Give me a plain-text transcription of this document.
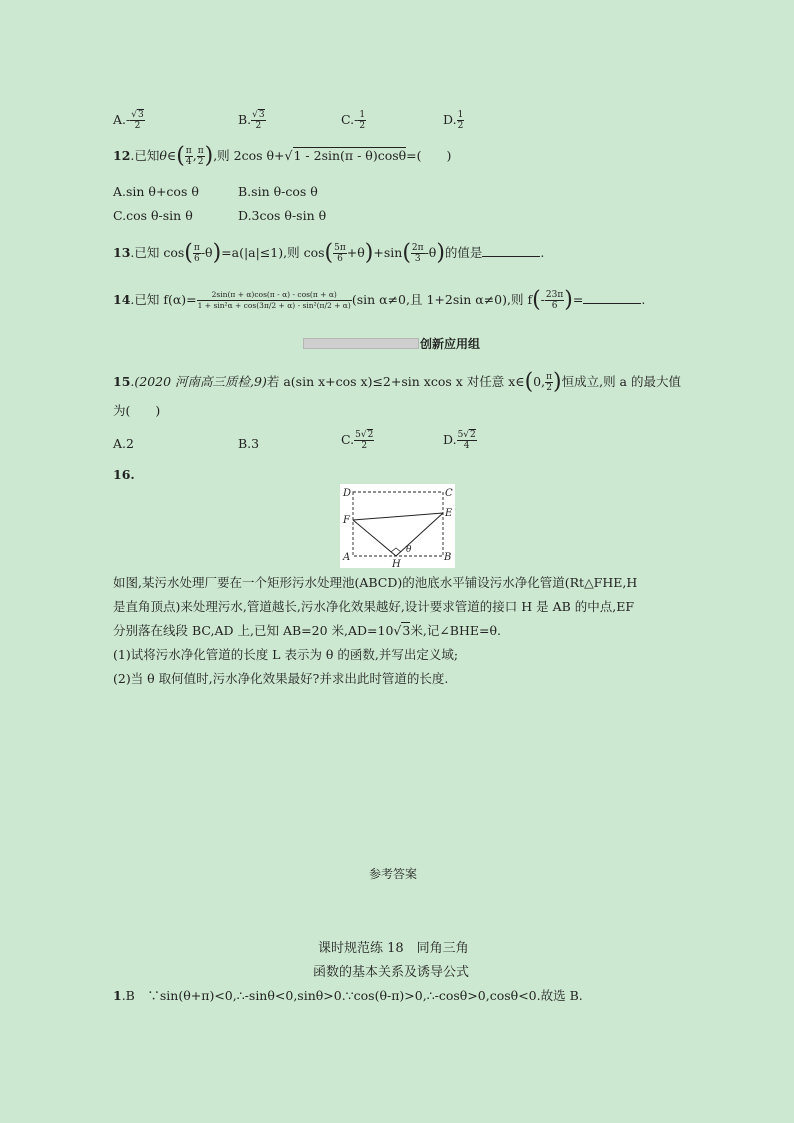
$A.- \frac{√3}{2}$	B. $\frac{√3}{2}$	$C.- \frac{1}{2}$	D. $\frac{1}{2}$
12.已知θ∈( $\frac{\pi}{4}$ , $\frac{\pi}{2}$ ),则 2cos θ+√1 - 2sin(π - θ)cosθ=(　　)
A.sin θ+cos θ	B.sin θ-cos θ
C.cos θ-sin θ	D.3cos θ-sin θ
13.已知 $\cos( \frac{\pi}{6} -\theta)=a(|a|\le 1)$,则 $\cos( \frac{5\pi}{6} +\theta)+\sin( \frac{2\pi}{3} -\theta)$的值是	.
14.已知 $f(\alpha)= \frac{2\sin(\pi + \alpha)\cos(\pi - \alpha) - \cos(\pi + \alpha)}{\text{1 + sin²α + cos(3π/2 + α) - sin²(π/2 + α)}} (\sin$ α≠0,且 1+2sin α≠0),则 $f(- \frac{23\pi}{6}$ )=	.
创新应用组
15.(2020 河南高三质检,9)若 a(sin x+cos x)≤2+sin xcos x 对任意 x∈(0, $\frac{\pi}{2}$ )恒成立,则 a 的最大值
为(　　)
A.2	B.3	C. $\frac{5√2}{2}$	D. $\frac{5√2}{4}$
16.
D	C
F
E
A	B
H
θ
如图,某污水处理厂要在一个矩形污水处理池(ABCD)的池底水平铺设污水净化管道(Rt△FHE,H
是直角顶点)来处理污水,管道越长,污水净化效果越好,设计要求管道的接口 H 是 AB 的中点,EF
分别落在线段 BC,AD 上,已知 AB=20 米,AD=10√3米,记∠BHE=θ.
(1)试将污水净化管道的长度 L 表示为 θ 的函数,并写出定义域;
(2)当 θ 取何值时,污水净化效果最好?并求出此时管道的长度.
参考答案
课时规范练 18　同角三角
函数的基本关系及诱导公式
1.B　 ∵sin(θ+π)<0,∴-sinθ<0,sinθ>0.∵cos(θ-π)>0,∴-cosθ>0,cosθ<0.故选 B.
